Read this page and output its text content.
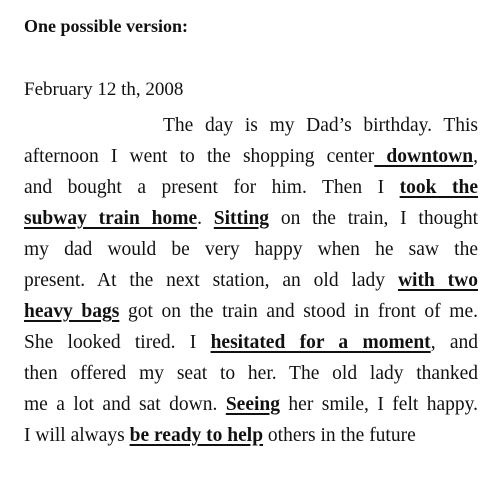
One possible version:
February 12 th, 2008
The day is my Dad’s birthday. This
afternoon I went to the shopping center downtown,
and bought a present for him. Then I took the
subway train home. Sitting on the train, I thought
my dad would be very happy when he saw the
present. At the next station, an old lady with two
heavy bags got on the train and stood in front of me.
She looked tired. I hesitated for a moment, and
then offered my seat to her. The old lady thanked
me a lot and sat down. Seeing her smile, I felt happy.
I will always be ready to help others in the future
